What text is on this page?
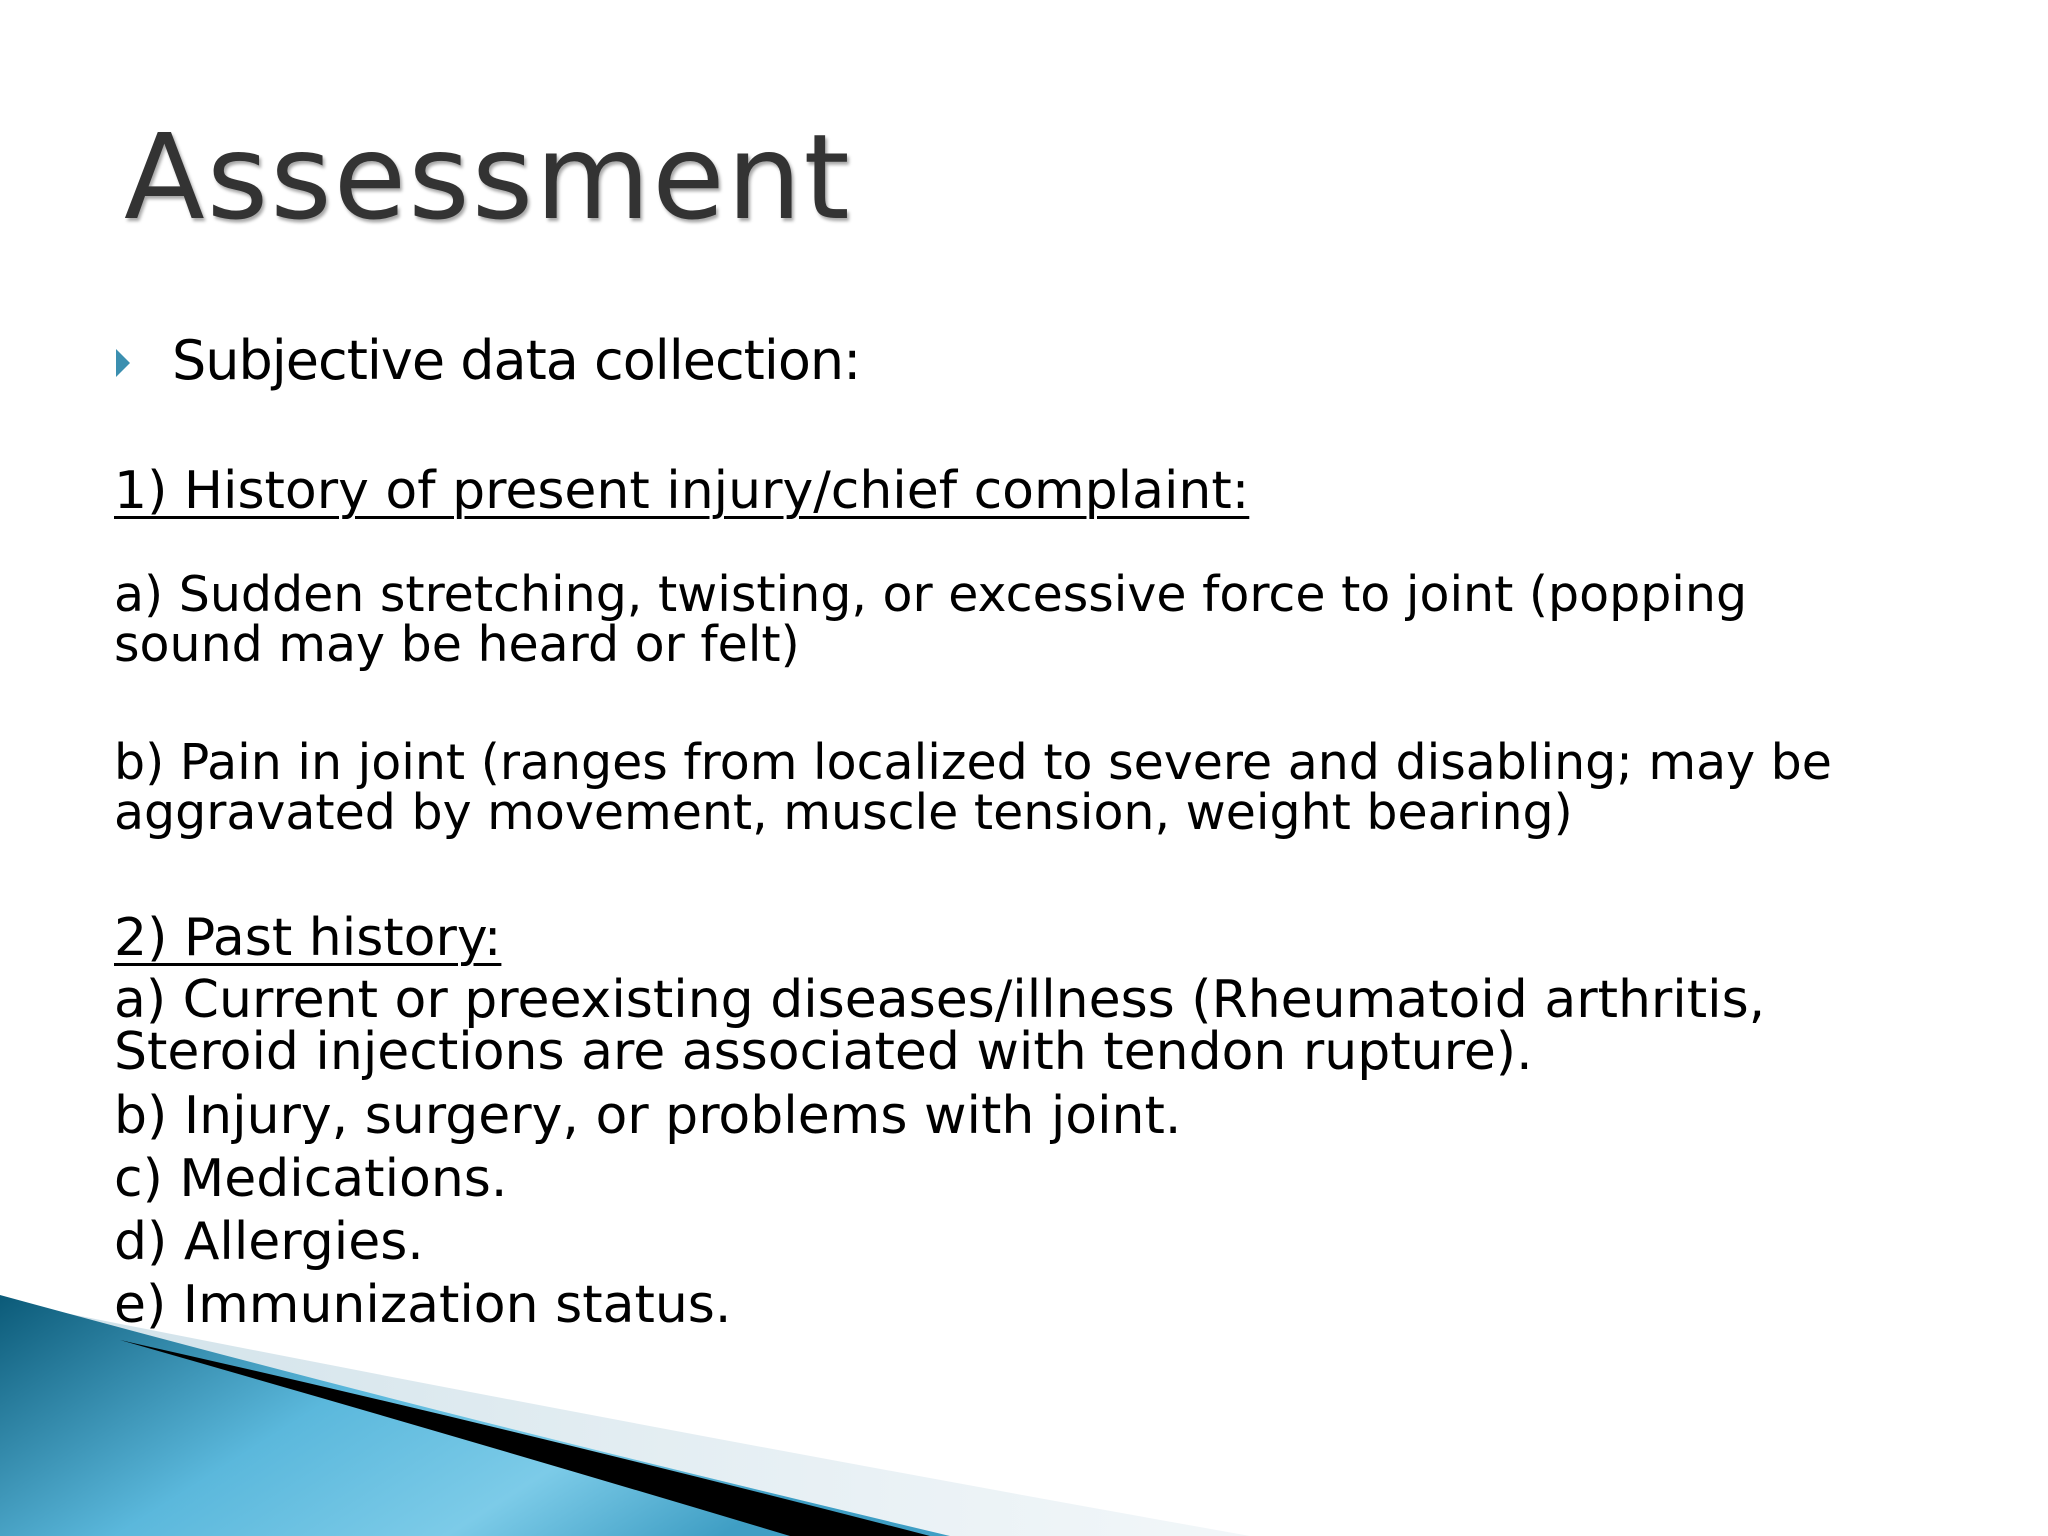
Assessment
Subjective data collection:

1) History of present injury/chief complaint:

a) Sudden stretching, twisting, or excessive force to joint (popping
sound may be heard or felt)
b) Pain in joint (ranges from localized to severe and disabling; may be
aggravated by movement, muscle tension, weight bearing)

2) Past history:

a) Current or preexisting diseases/illness (Rheumatoid arthritis,
Steroid injections are associated with tendon rupture).

b) Injury, surgery, or problems with joint.

c) Medications.

d) Allergies.

e) Immunization status.
